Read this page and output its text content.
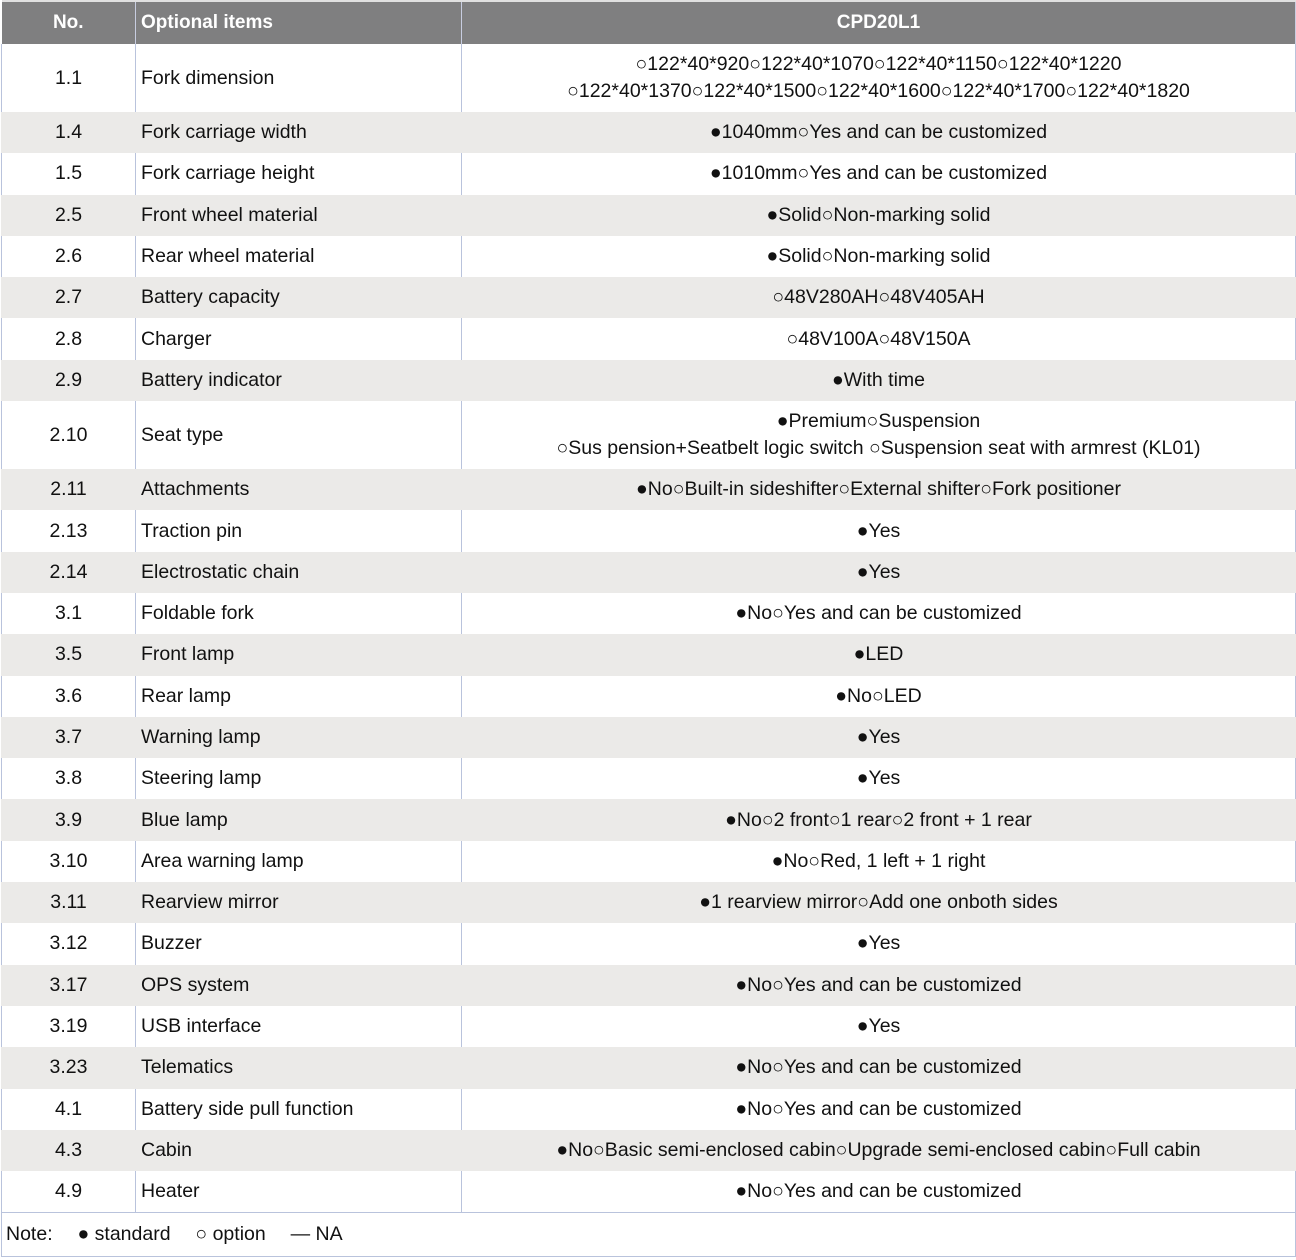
No.	Optional items	CPD20L1
1.1	Fork dimension	○122*40*920○122*40*1070○122*40*1150○122*40*1220
○122*40*1370○122*40*1500○122*40*1600○122*40*1700○122*40*1820

1.4	Fork carriage width	●1040mm○Yes and can be customized

1.5	Fork carriage height	●1010mm○Yes and can be customized

2.5	Front wheel material	●Solid○Non-marking solid

2.6	Rear wheel material	●Solid○Non-marking solid

2.7	Battery capacity	○48V280AH○48V405AH

2.8	Charger	○48V100A○48V150A

2.9	Battery indicator	●With time

2.10	Seat type	●Premium○Suspension
○Sus pension+Seatbelt logic switch ○Suspension seat with armrest (KL01)

2.11	Attachments	●No○Built-in sideshifter○External shifter○Fork positioner

2.13	Traction pin	●Yes

2.14	Electrostatic chain	●Yes

3.1	Foldable fork	●No○Yes and can be customized

3.5	Front lamp	●LED

3.6	Rear lamp	●No○LED

3.7	Warning lamp	●Yes

3.8	Steering lamp	●Yes

3.9	Blue lamp	●No○2 front○1 rear○2 front + 1 rear

3.10	Area warning lamp	●No○Red, 1 left + 1 right

3.11	Rearview mirror	●1 rearview mirror○Add one onboth sides

3.12	Buzzer	●Yes

3.17	OPS system	●No○Yes and can be customized

3.19	USB interface	●Yes

3.23	Telematics	●No○Yes and can be customized

4.1	Battery side pull function	●No○Yes and can be customized

4.3	Cabin	●No○Basic semi-enclosed cabin○Upgrade semi-enclosed cabin○Full cabin

4.9	Heater	●No○Yes and can be customized

Note: ● standard ○ option — NA		
